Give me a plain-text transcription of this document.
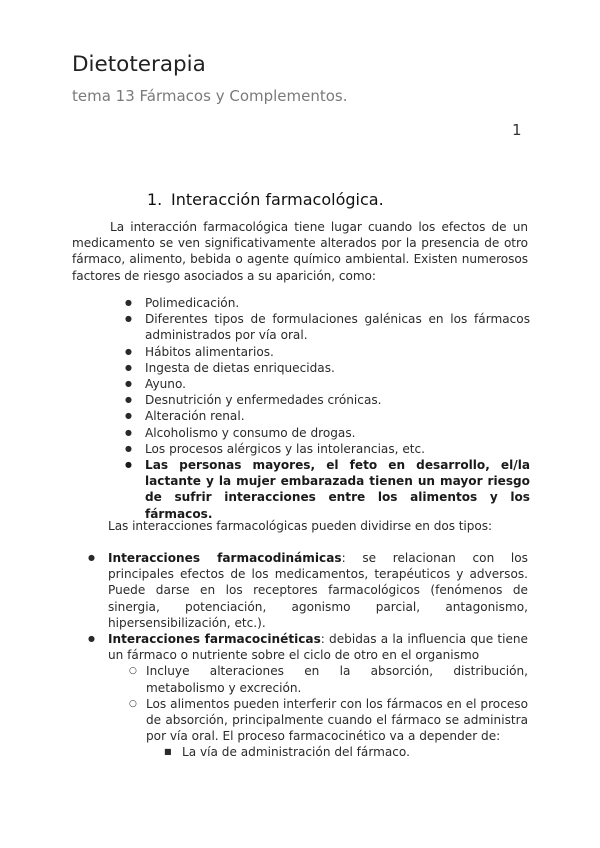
Dietoterapia
tema 13 Fármacos y Complementos.
1
1. Interacción farmacológica.
La interacción farmacológica tiene lugar cuando los efectos de un medicamento se ven significativamente alterados por la presencia de otro fármaco, alimento, bebida o agente químico ambiental. Existen numerosos factores de riesgo asociados a su aparición, como:
● Polimedicación.
● Diferentes tipos de formulaciones galénicas en los fármacos administrados por vía oral.
● Hábitos alimentarios.
● Ingesta de dietas enriquecidas.
● Ayuno.
● Desnutrición y enfermedades crónicas.
● Alteración renal.
● Alcoholismo y consumo de drogas.
● Los procesos alérgicos y las intolerancias, etc.
● Las personas mayores, el feto en desarrollo, el/la lactante y la mujer embarazada tienen un mayor riesgo de sufrir interacciones entre los alimentos y los fármacos.
Las interacciones farmacológicas pueden dividirse en dos tipos:
● Interacciones farmacodinámicas: se relacionan con los principales efectos de los medicamentos, terapéuticos y adversos. Puede darse en los receptores farmacológicos (fenómenos de sinergia, potenciación, agonismo parcial, antagonismo, hipersensibilización, etc.).
● Interacciones farmacocinéticas: debidas a la influencia que tiene un fármaco o nutriente sobre el ciclo de otro en el organismo
○ Incluye alteraciones en la absorción, distribución, metabolismo y excreción.
○ Los alimentos pueden interferir con los fármacos en el proceso de absorción, principalmente cuando el fármaco se administra por vía oral. El proceso farmacocinético va a depender de:
■ La vía de administración del fármaco.
